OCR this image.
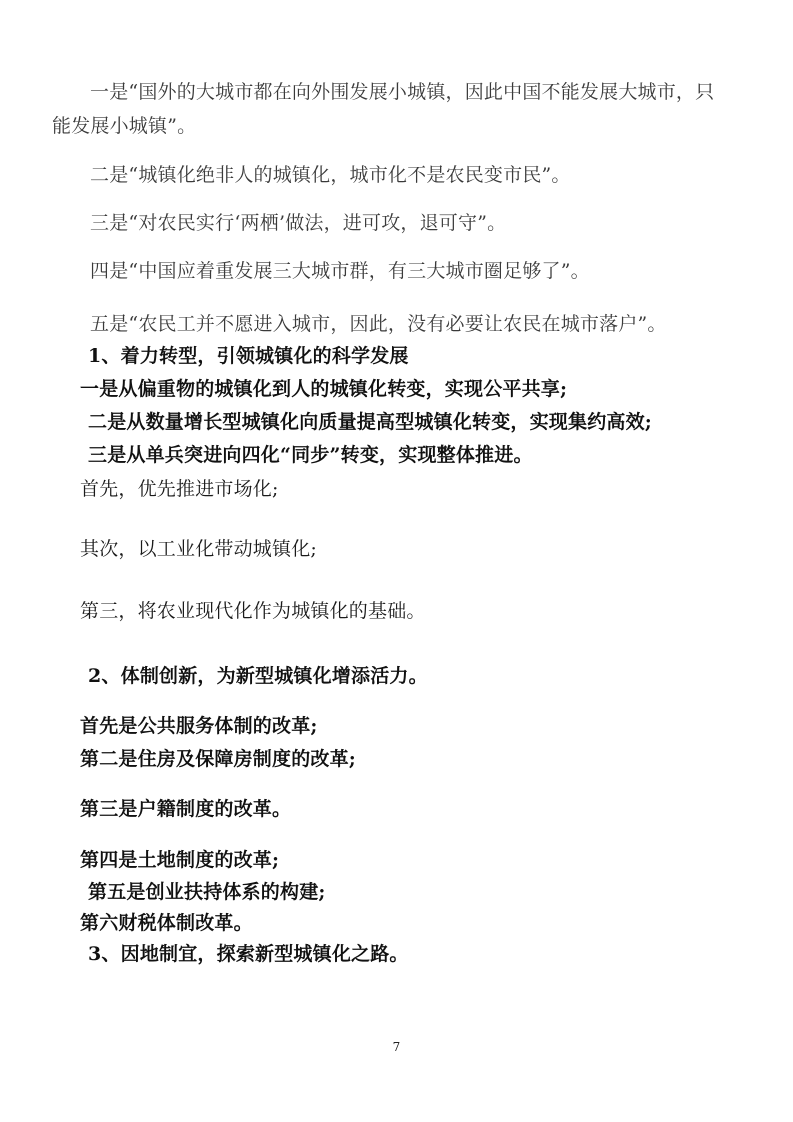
一是“国外的大城市都在向外围发展小城镇，因此中国不能发展大城市，只
能发展小城镇”。
二是“城镇化绝非人的城镇化，城市化不是农民变市民”。
三是“对农民实行‘两栖’做法，进可攻，退可守”。
四是“中国应着重发展三大城市群，有三大城市圈足够了”。
五是“农民工并不愿进入城市，因此，没有必要让农民在城市落户”。
1、着力转型，引领城镇化的科学发展
一是从偏重物的城镇化到人的城镇化转变，实现公平共享;
二是从数量增长型城镇化向质量提高型城镇化转变，实现集约高效;
三是从单兵突进向四化“同步”转变，实现整体推进。
首先，优先推进市场化;
其次，以工业化带动城镇化;
第三，将农业现代化作为城镇化的基础。
2、体制创新，为新型城镇化增添活力。
首先是公共服务体制的改革;
第二是住房及保障房制度的改革;
第三是户籍制度的改革。
第四是土地制度的改革;
第五是创业扶持体系的构建;
第六财税体制改革。
3、因地制宜，探索新型城镇化之路。
7
